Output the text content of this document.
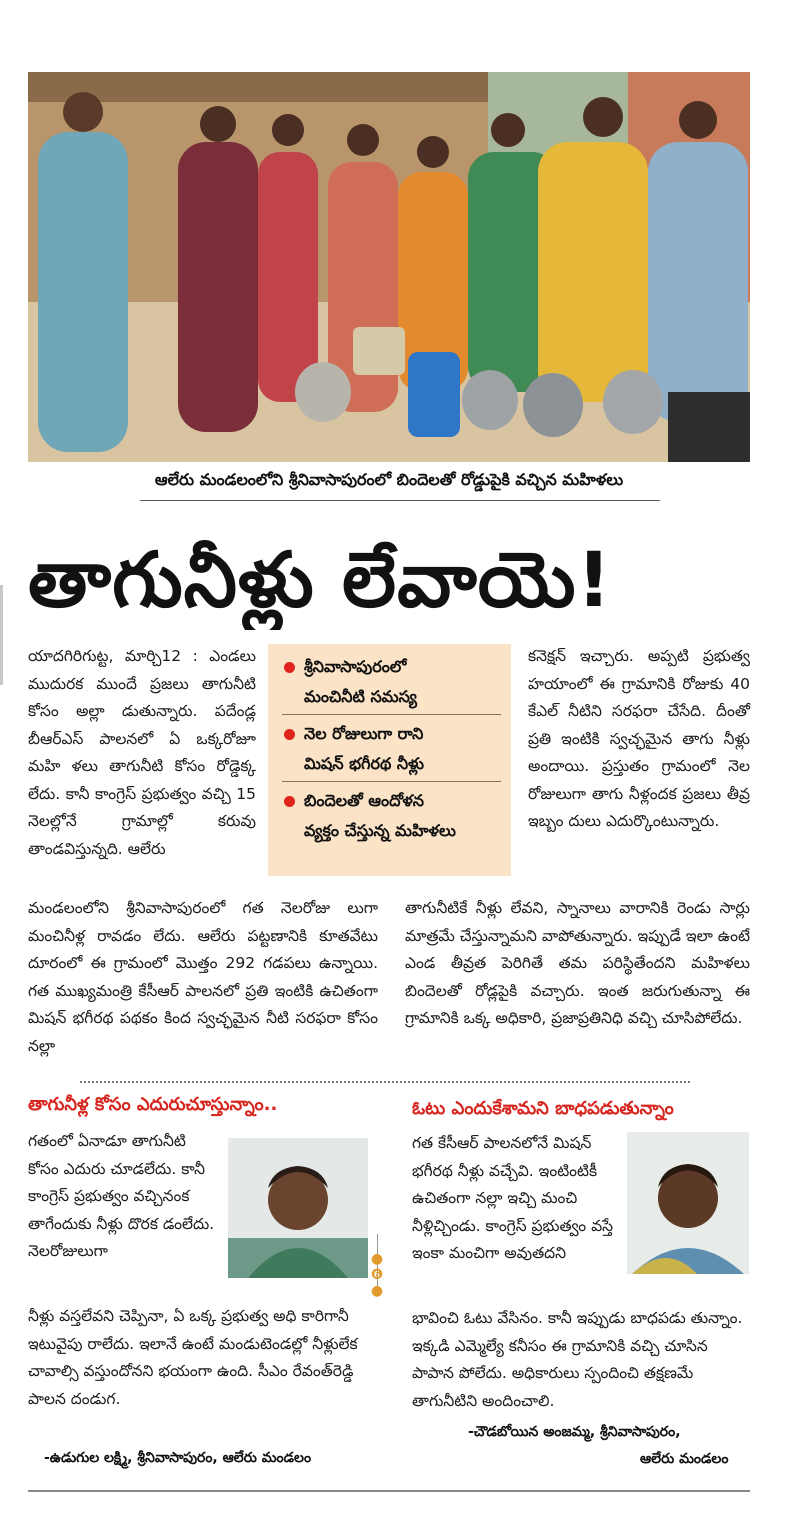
ఆలేరు మండలంలోని శ్రీనివాసాపురంలో బిందెలతో రోడ్డుపైకి వచ్చిన మహిళలు
తాగునీళ్లు లేవాయె!

యాదగిరిగుట్ట, మార్చి12 : ఎండలు ముదురక ముందే ప్రజలు తాగునీటి కోసం అల్లా డుతున్నారు. పదేండ్ల బీఆర్‌ఎస్‌ పాలనలో ఏ ఒక్కరోజూ మహి ళలు తాగునీటి కోసం రోడ్డెక్క లేదు. కానీ కాంగ్రెస్‌ ప్రభుత్వం వచ్చి 15 నెలల్లోనే గ్రామాల్లో కరువు తాండవిస్తున్నది. ఆలేరు

శ్రీనివాసాపురంలో
మంచినీటి సమస్య
నెల రోజులుగా రాని
మిషన్‌ భగీరథ నీళ్లు
బిందెలతో ఆందోళన
వ్యక్తం చేస్తున్న మహిళలు

కనెక్షన్‌ ఇచ్చారు. అప్పటి ప్రభుత్వ హయాంలో ఈ గ్రామానికి రోజుకు 40 కేఎల్‌ నీటిని సరఫరా చేసేది. దీంతో ప్రతి ఇంటికి స్వచ్ఛమైన తాగు నీళ్లు అందాయి. ప్రస్తుతం గ్రామంలో నెల రోజులుగా తాగు నీళ్లందక ప్రజలు తీవ్ర ఇబ్బం దులు ఎదుర్కొంటున్నారు.

మండలంలోని శ్రీనివాసాపురంలో గత నెలరోజు లుగా మంచినీళ్ల రావడం లేదు. ఆలేరు పట్టణానికి కూతవేటు దూరంలో ఈ గ్రామంలో మొత్తం 292 గడపలు ఉన్నాయి. గత ముఖ్యమంత్రి కేసీఆర్‌ పాలనలో ప్రతి ఇంటికి ఉచితంగా మిషన్‌ భగీరథ పథకం కింద స్వచ్ఛమైన నీటి సరఫరా కోసం నల్లా

తాగునీటికే నీళ్లు లేవని, స్నానాలు వారానికి రెండు సార్లు మాత్రమే చేస్తున్నామని వాపోతున్నారు. ఇప్పుడే ఇలా ఉంటే ఎండ తీవ్రత పెరిగితే తమ పరిస్థితేందని మహిళలు బిందెలతో రోడ్లపైకి వచ్చారు. ఇంత జరుగుతున్నా ఈ గ్రామానికి ఒక్క అధికారి, ప్రజాప్రతినిధి వచ్చి చూసిపోలేదు.

తాగునీళ్ల కోసం ఎదురుచూస్తున్నాం..

గతంలో ఏనాడూ తాగునీటి కోసం ఎదురు చూడలేదు. కానీ కాంగ్రెస్‌ ప్రభుత్వం వచ్చినంక తాగేందుకు నీళ్లు దొరక డంలేదు. నెలరోజులుగా

నీళ్లు వస్తలేవని చెప్పినా, ఏ ఒక్క ప్రభుత్వ అధి కారిగానీ ఇటువైపు రాలేదు. ఇలానే ఉంటే మండుటెండల్లో నీళ్లులేక చావాల్సి వస్తుందోనని భయంగా ఉంది. సీఎం రేవంత్‌రెడ్డి పాలన దండుగ.

-ఉడుగుల లక్ష్మి, శ్రీనివాసాపురం, ఆలేరు మండలం
●
❻
●
ఓటు ఎందుకేశామని బాధపడుతున్నాం

గత కేసీఆర్‌ పాలనలోనే మిషన్‌ భగీరథ నీళ్లు వచ్చేవి. ఇంటింటికీ ఉచితంగా నల్లా ఇచ్చి మంచి నీళ్లిచ్చిండు. కాంగ్రెస్‌ ప్రభుత్వం వస్తే ఇంకా మంచిగా అవుతదని

భావించి ఓటు వేసినం. కానీ ఇప్పుడు బాధపడు తున్నాం. ఇక్కడి ఎమ్మెల్యే కనీసం ఈ గ్రామానికి వచ్చి చూసిన పాపాన పోలేదు. అధికారులు స్పందించి తక్షణమే తాగునీటిని అందించాలి.

-చౌడబోయిన అంజమ్మ, శ్రీనివాసాపురం,
ఆలేరు మండలం
